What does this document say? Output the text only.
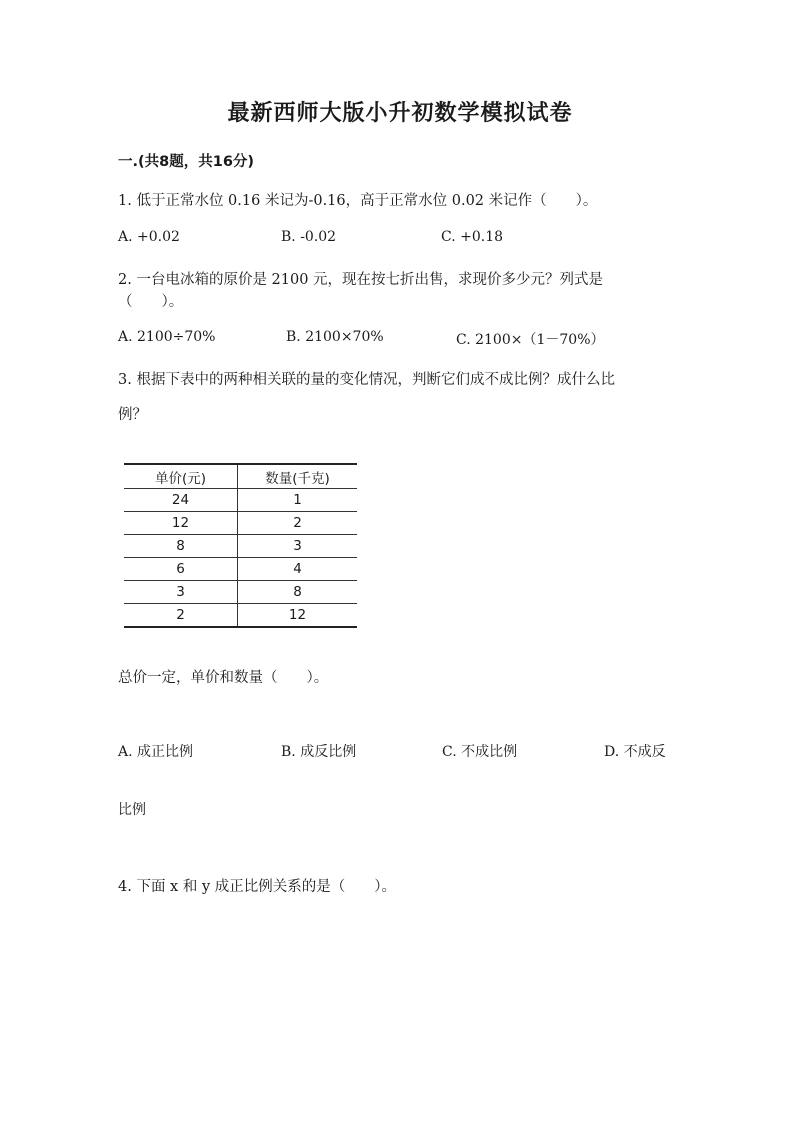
最新西师大版小升初数学模拟试卷
一.(共8题，共16分)
1. 低于正常水位 0.16 米记为-0.16，高于正常水位 0.02 米记作（　　）。
A. +0.02	B. -0.02	C. +0.18
2. 一台电冰箱的原价是 2100 元，现在按七折出售，求现价多少元？列式是
（　　）。
A. 2100÷70%	B. 2100×70%	C. 2100×（1－70%）
3. 根据下表中的两种相关联的量的变化情况，判断它们成不成比例？成什么比
例？
单价(元)	数量(千克)
24	1
12	2
8	3
6	4
3	8
2	12
总价一定，单价和数量（　　）。
A. 成正比例	B. 成反比例	C. 不成比例	D. 不成反
比例
4. 下面 x 和 y 成正比例关系的是（　　）。
